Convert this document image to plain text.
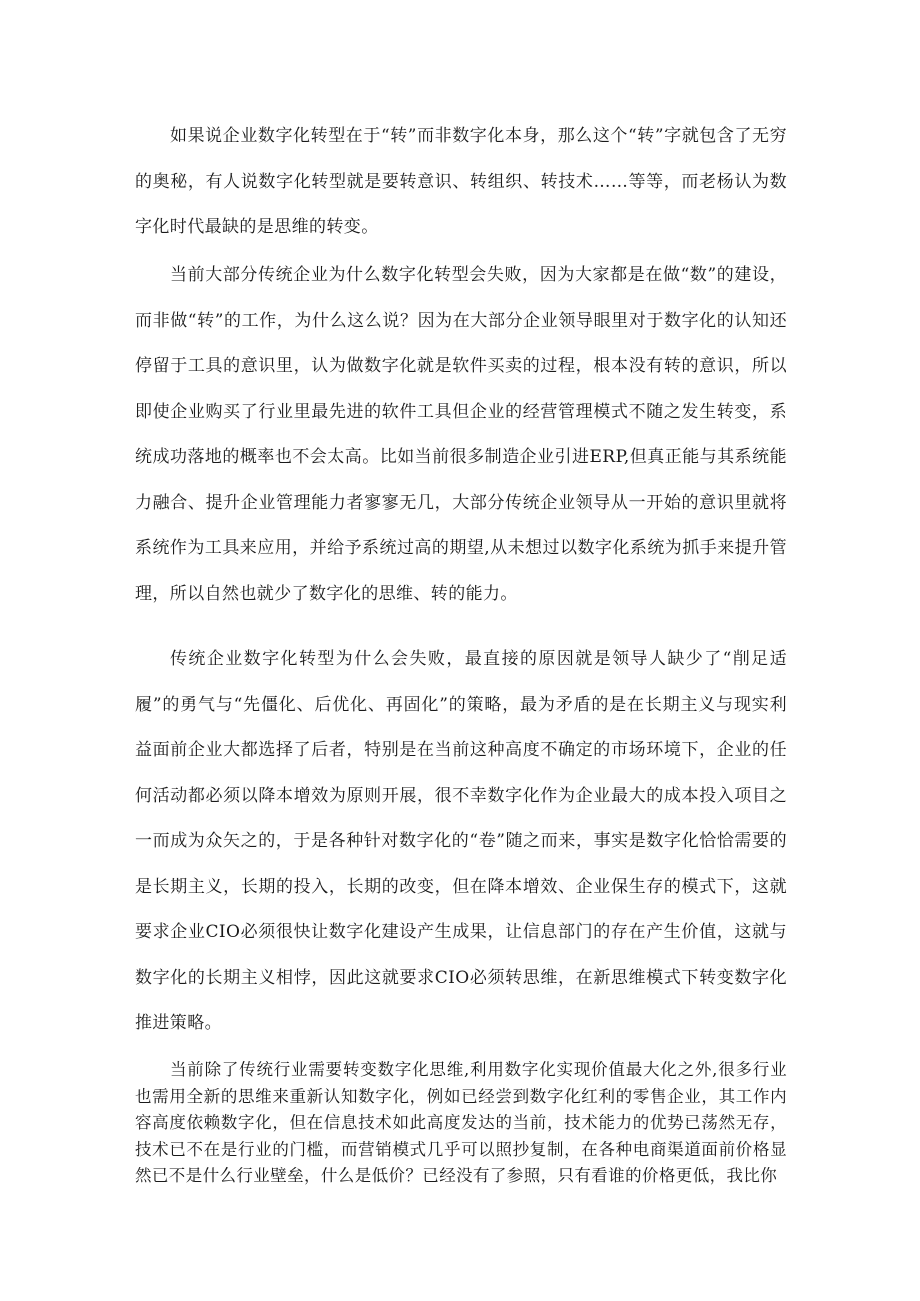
如果说企业数字化转型在于“转”而非数字化本身，那么这个“转”字就包含了无穷的奥秘，有人说数字化转型就是要转意识、转组织、转技术……等等，而老杨认为数字化时代最缺的是思维的转变。

当前大部分传统企业为什么数字化转型会失败，因为大家都是在做“数”的建设，而非做“转”的工作，为什么这么说？因为在大部分企业领导眼里对于数字化的认知还停留于工具的意识里，认为做数字化就是软件买卖的过程，根本没有转的意识，所以即使企业购买了行业里最先进的软件工具但企业的经营管理模式不随之发生转变，系统成功落地的概率也不会太高。比如当前很多制造企业引进ERP,但真正能与其系统能力融合、提升企业管理能力者寥寥无几，大部分传统企业领导从一开始的意识里就将系统作为工具来应用，并给予系统过高的期望,从未想过以数字化系统为抓手来提升管理，所以自然也就少了数字化的思维、转的能力。

传统企业数字化转型为什么会失败，最直接的原因就是领导人缺少了“削足适履”的勇气与“先僵化、后优化、再固化”的策略，最为矛盾的是在长期主义与现实利益面前企业大都选择了后者，特别是在当前这种高度不确定的市场环境下，企业的任何活动都必须以降本增效为原则开展，很不幸数字化作为企业最大的成本投入项目之一而成为众矢之的，于是各种针对数字化的“卷”随之而来，事实是数字化恰恰需要的是长期主义，长期的投入，长期的改变，但在降本增效、企业保生存的模式下，这就要求企业CIO必须很快让数字化建设产生成果，让信息部门的存在产生价值，这就与数字化的长期主义相悖，因此这就要求CIO必须转思维，在新思维模式下转变数字化推进策略。

当前除了传统行业需要转变数字化思维,利用数字化实现价值最大化之外,很多行业也需用全新的思维来重新认知数字化，例如已经尝到数字化红利的零售企业，其工作内容高度依赖数字化，但在信息技术如此高度发达的当前，技术能力的优势已荡然无存，技术已不在是行业的门槛，而营销模式几乎可以照抄复制，在各种电商渠道面前价格显然已不是什么行业壁垒，什么是低价？已经没有了参照，只有看谁的价格更低，我比你
